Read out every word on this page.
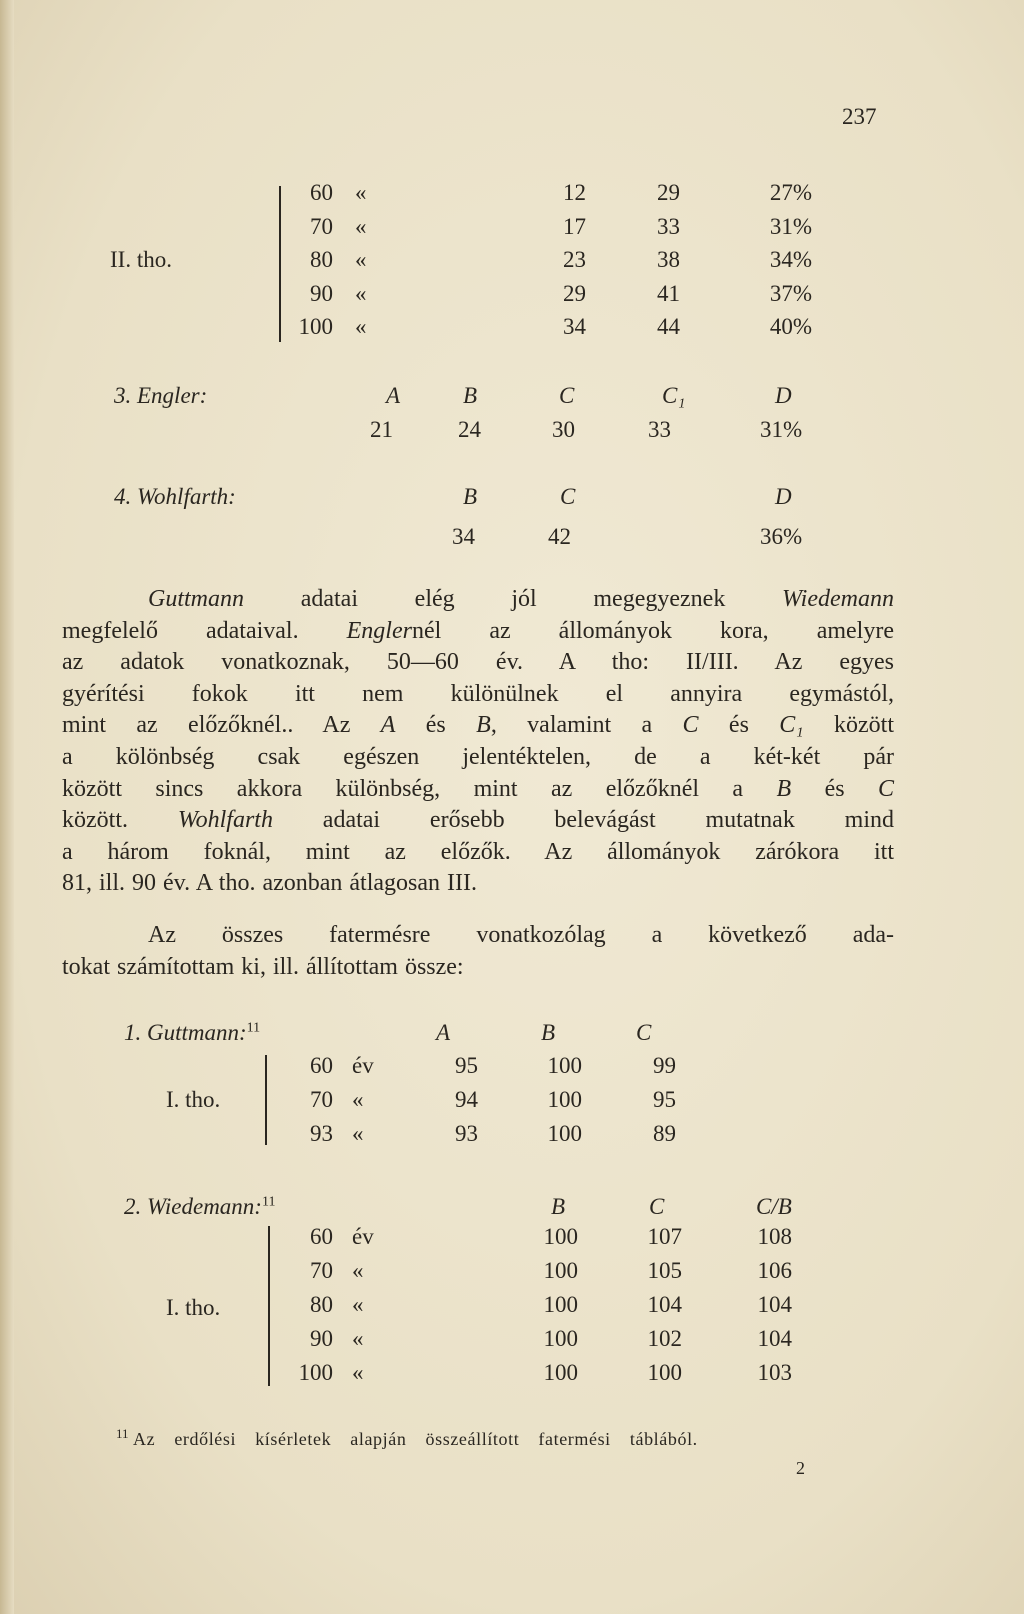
237
II. tho.
60 «	12	29	27%
70 «	17	33	31%
80 «	23	38	34%
90 «	29	41	37%
100 «	34	44	40%
3. Engler:	A	B	C	C₁	D
21	24	30	33	31%
4. Wohlfarth:	B	C	D
34	42	36%
Guttmann adatai elég jól megegyeznek Wiedemann
megfelelő adataival. Englernél az állományok kora, amelyre
az adatok vonatkoznak, 50—60 év. A tho: II/III. Az egyes
gyérítési fokok itt nem különülnek el annyira egymástól,
mint az előzőknél.. Az A és B, valamint a C és C₁ között
a kölönbség csak egészen jelentéktelen, de a két-két pár
között sincs akkora különbség, mint az előzőknél a B és C
között. Wohlfarth adatai erősebb belevágást mutatnak mind
a három foknál, mint az előzők. Az állományok zárókora itt
81, ill. 90 év. A tho. azonban átlagosan III.
Az összes fatermésre vonatkozólag a következő ada-
tokat számítottam ki, ill. állítottam össze:
1. Guttmann:$^{11}$
I. tho.
A	B	C
60 év	95	100	99
70 «	94	100	95
93 «	93	100	89
2. Wiedemann:$^{11}$
I. tho.
B	C	C/B
60 év	100	107	108
70 «	100	105	106
80 «	100	104	104
90 «	100	102	104
100 «	100	100	103
$^{11}$ Az erdőlési kísérletek alapján összeállított fatermési táblából.
2
